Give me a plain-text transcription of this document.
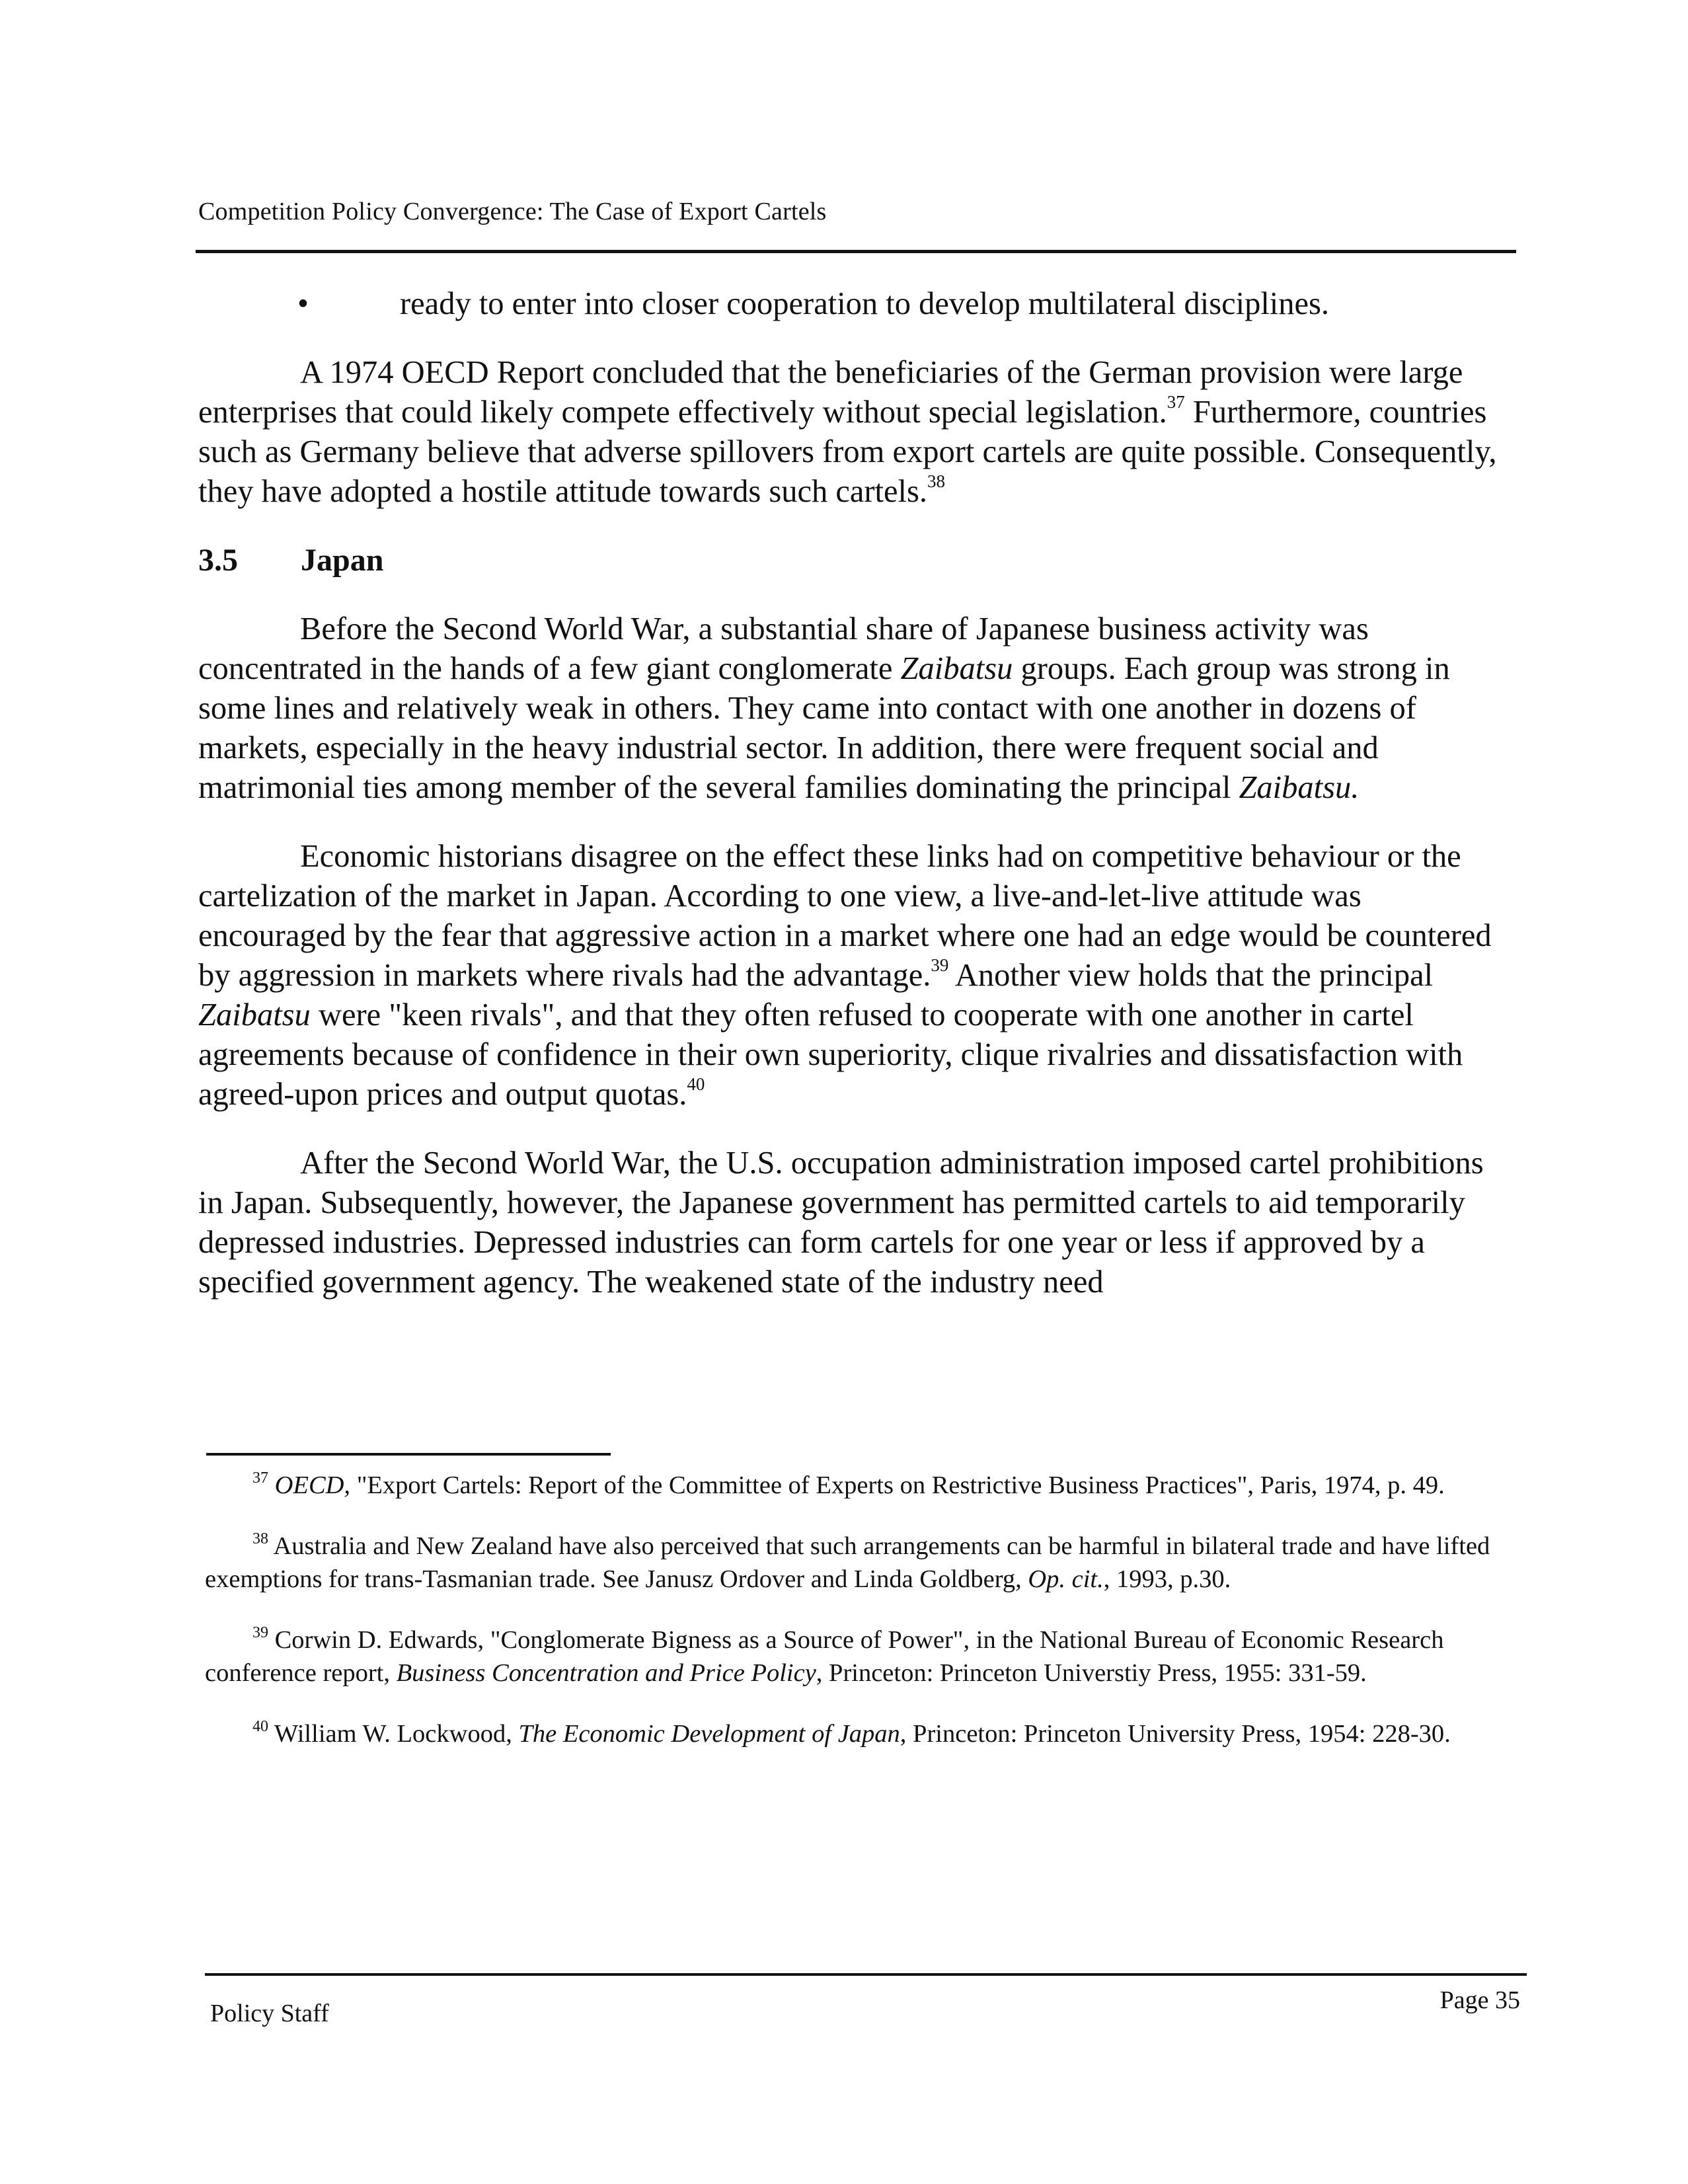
Competition Policy Convergence: The Case of Export Cartels

•	ready to enter into closer cooperation to develop multilateral disciplines.

A 1974 OECD Report concluded that the beneficiaries of the German provision were large enterprises that could likely compete effectively without special legislation.$^{37}$ Furthermore, countries such as Germany believe that adverse spillovers from export cartels are quite possible. Consequently, they have adopted a hostile attitude towards such cartels.$^{38}$

3.5 Japan

Before the Second World War, a substantial share of Japanese business activity was concentrated in the hands of a few giant conglomerate Zaibatsu groups. Each group was strong in some lines and relatively weak in others. They came into contact with one another in dozens of markets, especially in the heavy industrial sector. In addition, there were frequent social and matrimonial ties among member of the several families dominating the principal Zaibatsu.

Economic historians disagree on the effect these links had on competitive behaviour or the cartelization of the market in Japan. According to one view, a live-and-let-live attitude was encouraged by the fear that aggressive action in a market where one had an edge would be countered by aggression in markets where rivals had the advantage.$^{39}$ Another view holds that the principal Zaibatsu were "keen rivals", and that they often refused to cooperate with one another in cartel agreements because of confidence in their own superiority, clique rivalries and dissatisfaction with agreed-upon prices and output quotas.$^{40}$

After the Second World War, the U.S. occupation administration imposed cartel prohibitions in Japan. Subsequently, however, the Japanese government has permitted cartels to aid temporarily depressed industries. Depressed industries can form cartels for one year or less if approved by a specified government agency. The weakened state of the industry need

$^{37}$ OECD, "Export Cartels: Report of the Committee of Experts on Restrictive Business Practices", Paris, 1974, p. 49.

$^{38}$ Australia and New Zealand have also perceived that such arrangements can be harmful in bilateral trade and have lifted exemptions for trans-Tasmanian trade. See Janusz Ordover and Linda Goldberg, Op. cit., 1993, p.30.

$^{39}$ Corwin D. Edwards, "Conglomerate Bigness as a Source of Power", in the National Bureau of Economic Research conference report, Business Concentration and Price Policy, Princeton: Princeton Universtiy Press, 1955: 331-59.

$^{40}$ William W. Lockwood, The Economic Development of Japan, Princeton: Princeton University Press, 1954: 228-30.

Policy Staff	Page 35
